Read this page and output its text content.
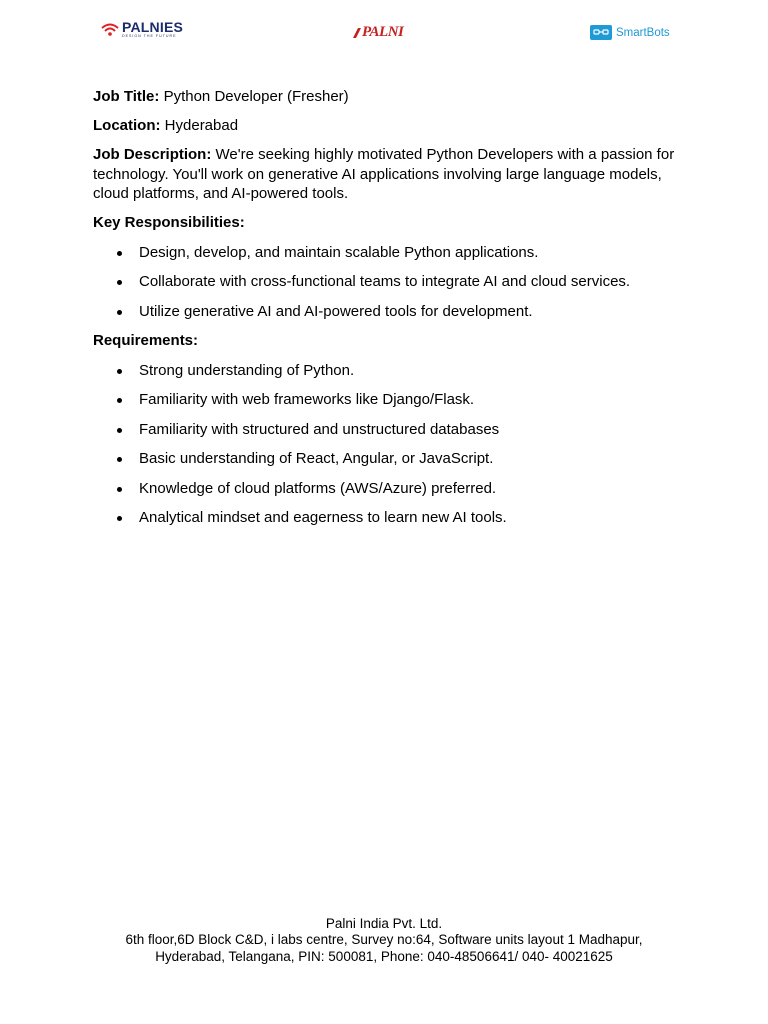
PALNIES
DESIGN THE FUTURE	PALNI	SmartBots

Job Title: Python Developer (Fresher)

Location: Hyderabad

Job Description: We're seeking highly motivated Python Developers with a passion for technology. You'll work on generative AI applications involving large language models, cloud platforms, and AI-powered tools.

Key Responsibilities:

Design, develop, and maintain scalable Python applications.
Collaborate with cross-functional teams to integrate AI and cloud services.
Utilize generative AI and AI-powered tools for development.

Requirements:

Strong understanding of Python.
Familiarity with web frameworks like Django/Flask.
Familiarity with structured and unstructured databases
Basic understanding of React, Angular, or JavaScript.
Knowledge of cloud platforms (AWS/Azure) preferred.
Analytical mindset and eagerness to learn new AI tools.
Palni India Pvt. Ltd.
6th floor,6D Block C&D, i labs centre, Survey no:64, Software units layout 1 Madhapur,
Hyderabad, Telangana, PIN: 500081, Phone: 040-48506641/ 040- 40021625
